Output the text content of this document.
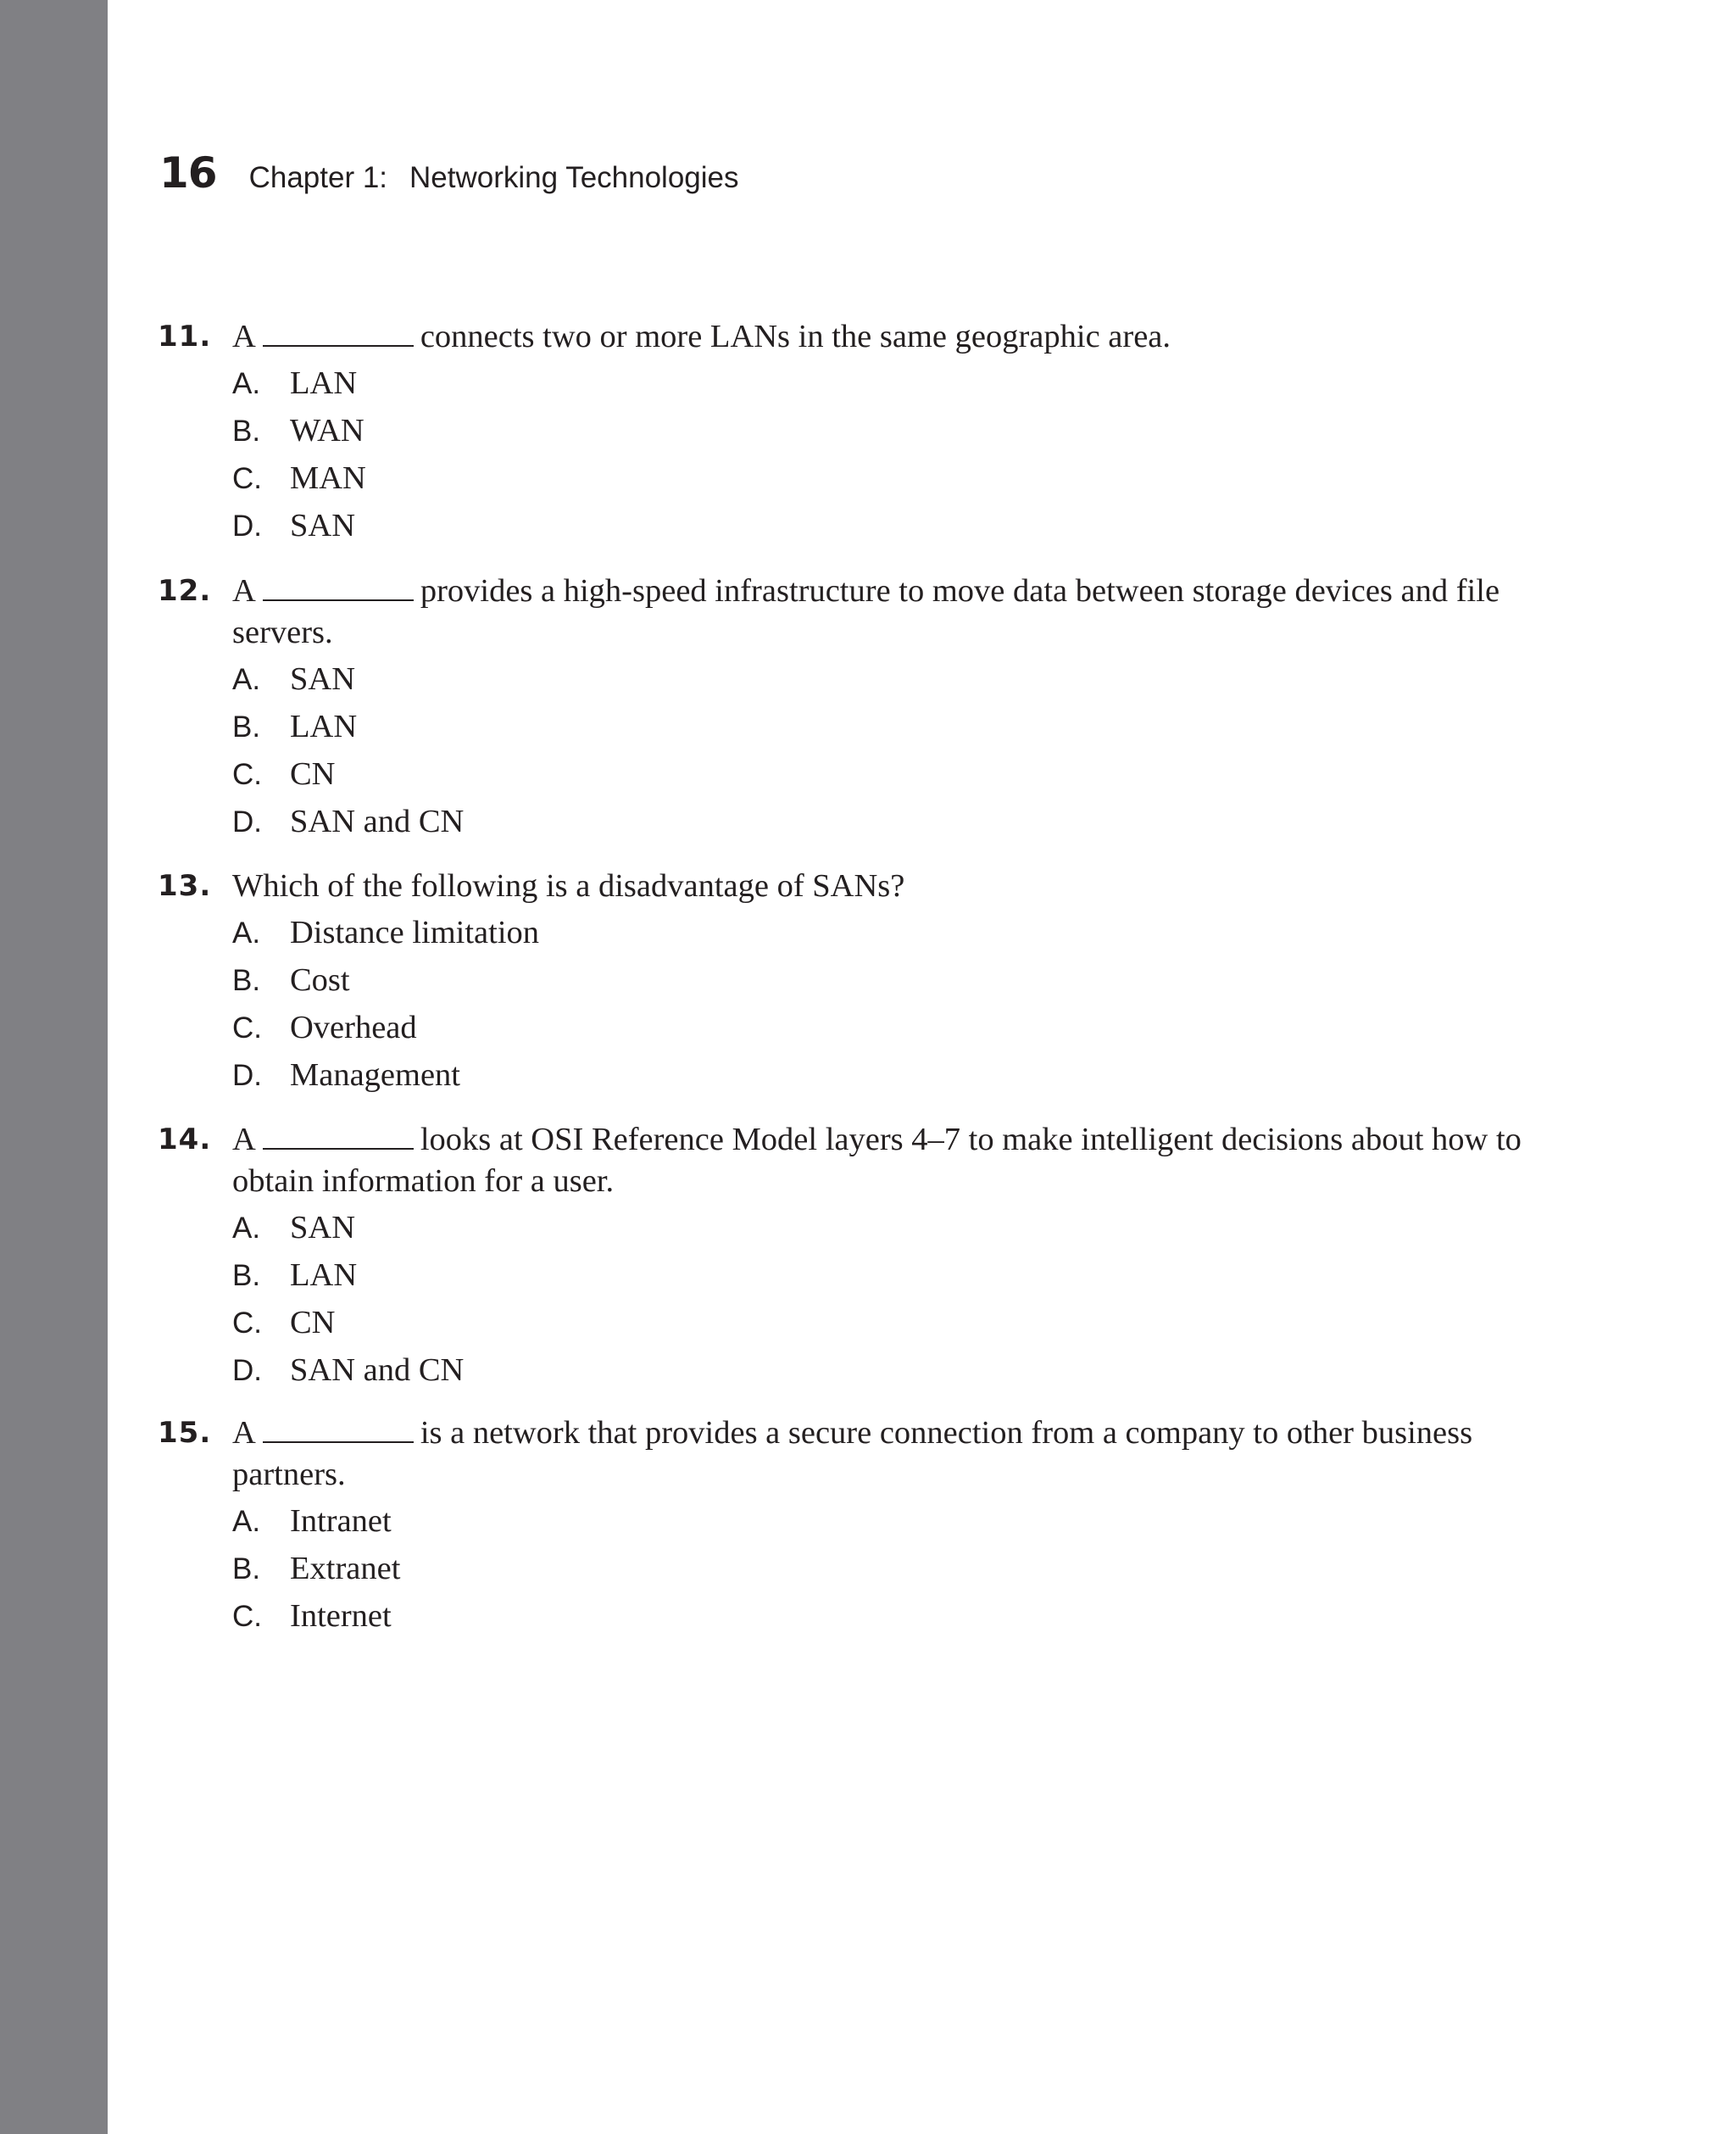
16 Chapter 1: Networking Technologies
11. A	connects two or more LANs in the same geographic area.
A. LAN
B. WAN
C. MAN
D. SAN
12. A	provides a high-speed infrastructure to move data between storage devices and file servers.
A. SAN
B. LAN
C. CN
D. SAN and CN
13. Which of the following is a disadvantage of SANs?
A. Distance limitation
B. Cost
C. Overhead
D. Management
14. A	looks at OSI Reference Model layers 4–7 to make intelligent decisions about how to obtain information for a user.
A. SAN
B. LAN
C. CN
D. SAN and CN
15. A	is a network that provides a secure connection from a company to other business partners.
A. Intranet
B. Extranet
C. Internet
